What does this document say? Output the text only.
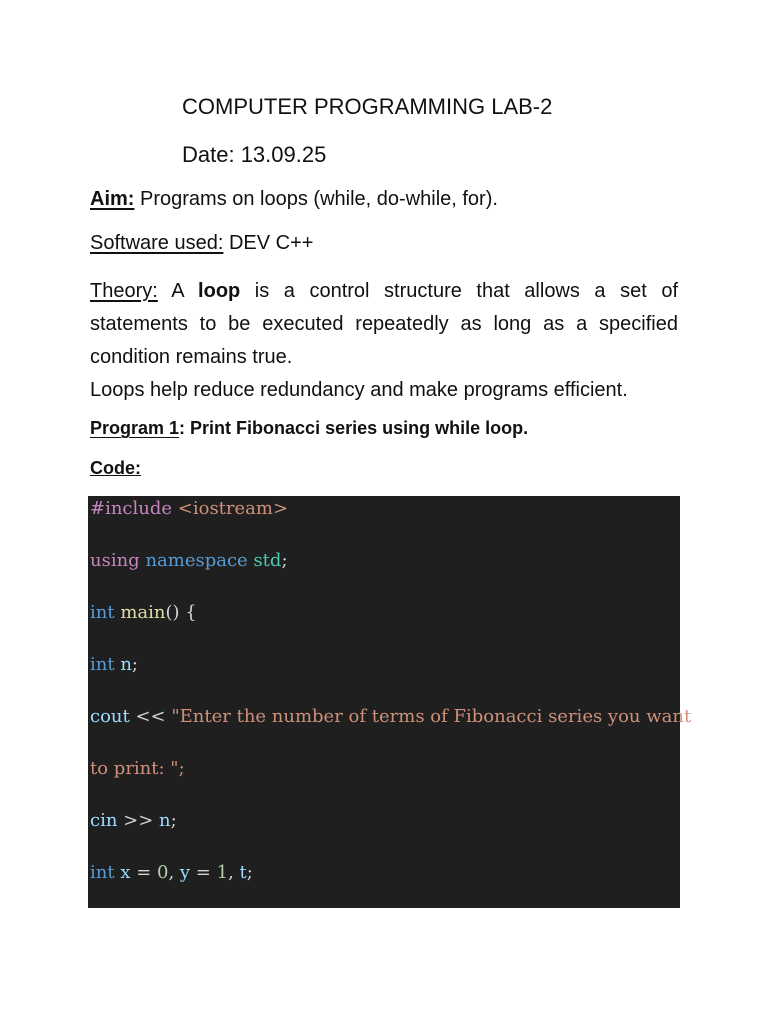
COMPUTER PROGRAMMING LAB-2
Date: 13.09.25
Aim: Programs on loops (while, do-while, for).
Software used: DEV C++
Theory: A loop is a control structure that allows a set of statements to be executed repeatedly as long as a specified condition remains true.
Loops help reduce redundancy and make programs efficient.
Program 1: Print Fibonacci series using while loop.
Code:
#include <iostream>
using namespace std;
int main() {
int n;
cout << "Enter the number of terms of Fibonacci series you want
to print: ";
cin >> n;
int x = 0, y = 1, t;
